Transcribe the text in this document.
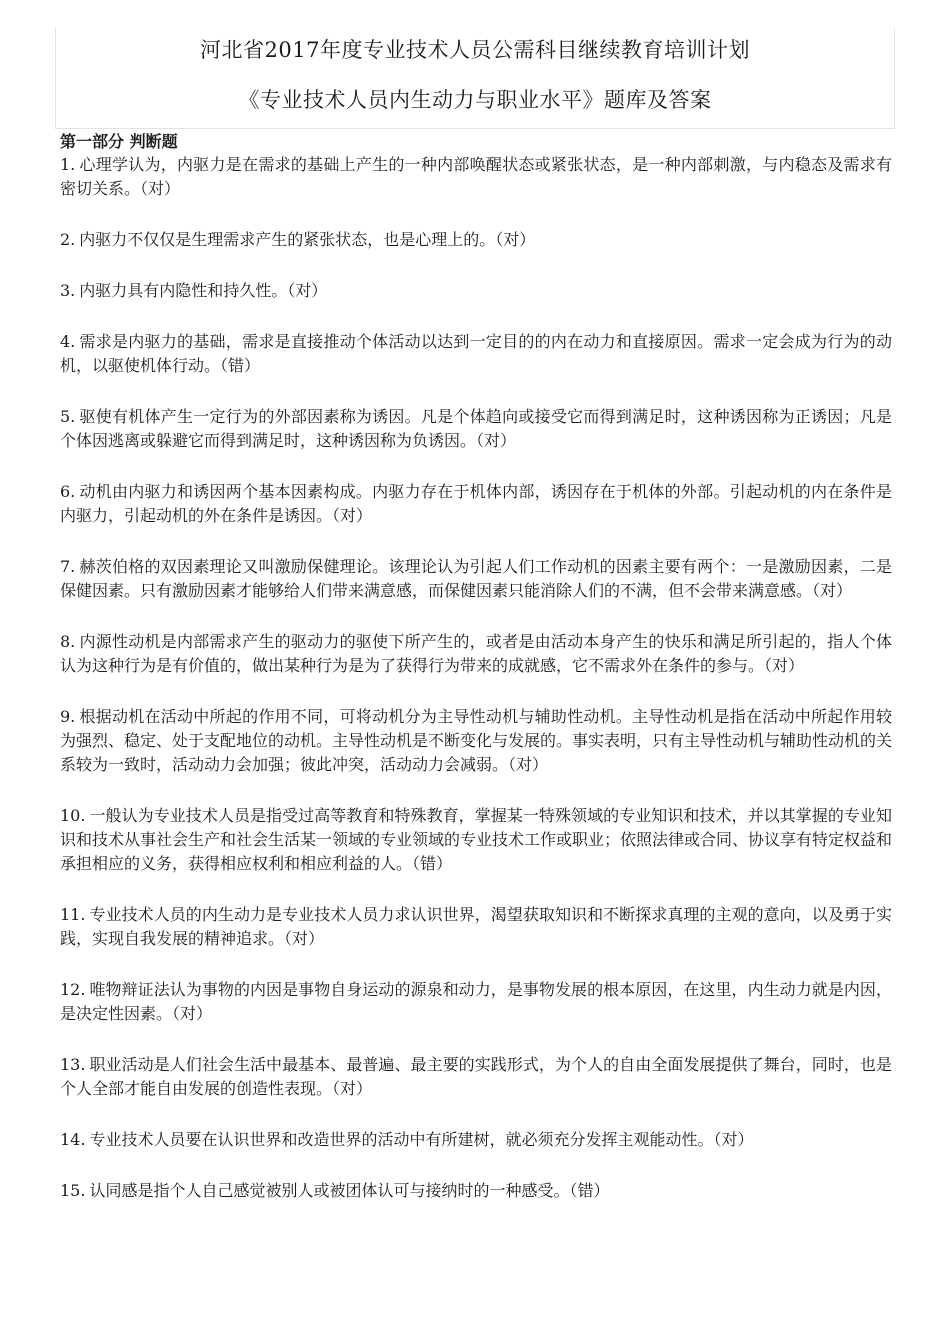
河北省2017年度专业技术人员公需科目继续教育培训计划
《专业技术人员内生动力与职业水平》题库及答案
第一部分 判断题
1. 心理学认为，内驱力是在需求的基础上产生的一种内部唤醒状态或紧张状态，是一种内部刺激，与内稳态及需求有密切关系。（对）
2. 内驱力不仅仅是生理需求产生的紧张状态，也是心理上的。（对）
3. 内驱力具有内隐性和持久性。（对）
4. 需求是内驱力的基础，需求是直接推动个体活动以达到一定目的的内在动力和直接原因。需求一定会成为行为的动机，以驱使机体行动。（错）
5. 驱使有机体产生一定行为的外部因素称为诱因。凡是个体趋向或接受它而得到满足时，这种诱因称为正诱因；凡是个体因逃离或躲避它而得到满足时，这种诱因称为负诱因。（对）
6. 动机由内驱力和诱因两个基本因素构成。内驱力存在于机体内部，诱因存在于机体的外部。引起动机的内在条件是内驱力，引起动机的外在条件是诱因。（对）
7. 赫茨伯格的双因素理论又叫激励保健理论。该理论认为引起人们工作动机的因素主要有两个：一是激励因素，二是保健因素。只有激励因素才能够给人们带来满意感，而保健因素只能消除人们的不满，但不会带来满意感。（对）
8. 内源性动机是内部需求产生的驱动力的驱使下所产生的，或者是由活动本身产生的快乐和满足所引起的，指人个体认为这种行为是有价值的，做出某种行为是为了获得行为带来的成就感，它不需求外在条件的参与。（对）
9. 根据动机在活动中所起的作用不同，可将动机分为主导性动机与辅助性动机。主导性动机是指在活动中所起作用较为强烈、稳定、处于支配地位的动机。主导性动机是不断变化与发展的。事实表明，只有主导性动机与辅助性动机的关系较为一致时，活动动力会加强；彼此冲突，活动动力会减弱。（对）
10. 一般认为专业技术人员是指受过高等教育和特殊教育，掌握某一特殊领域的专业知识和技术，并以其掌握的专业知识和技术从事社会生产和社会生活某一领域的专业领域的专业技术工作或职业；依照法律或合同、协议享有特定权益和承担相应的义务，获得相应权利和相应利益的人。（错）
11. 专业技术人员的内生动力是专业技术人员力求认识世界，渴望获取知识和不断探求真理的主观的意向，以及勇于实践，实现自我发展的精神追求。（对）
12. 唯物辩证法认为事物的内因是事物自身运动的源泉和动力，是事物发展的根本原因，在这里，内生动力就是内因，是决定性因素。（对）
13. 职业活动是人们社会生活中最基本、最普遍、最主要的实践形式，为个人的自由全面发展提供了舞台，同时，也是个人全部才能自由发展的创造性表现。（对）
14. 专业技术人员要在认识世界和改造世界的活动中有所建树，就必须充分发挥主观能动性。（对）
15. 认同感是指个人自己感觉被别人或被团体认可与接纳时的一种感受。（错）
